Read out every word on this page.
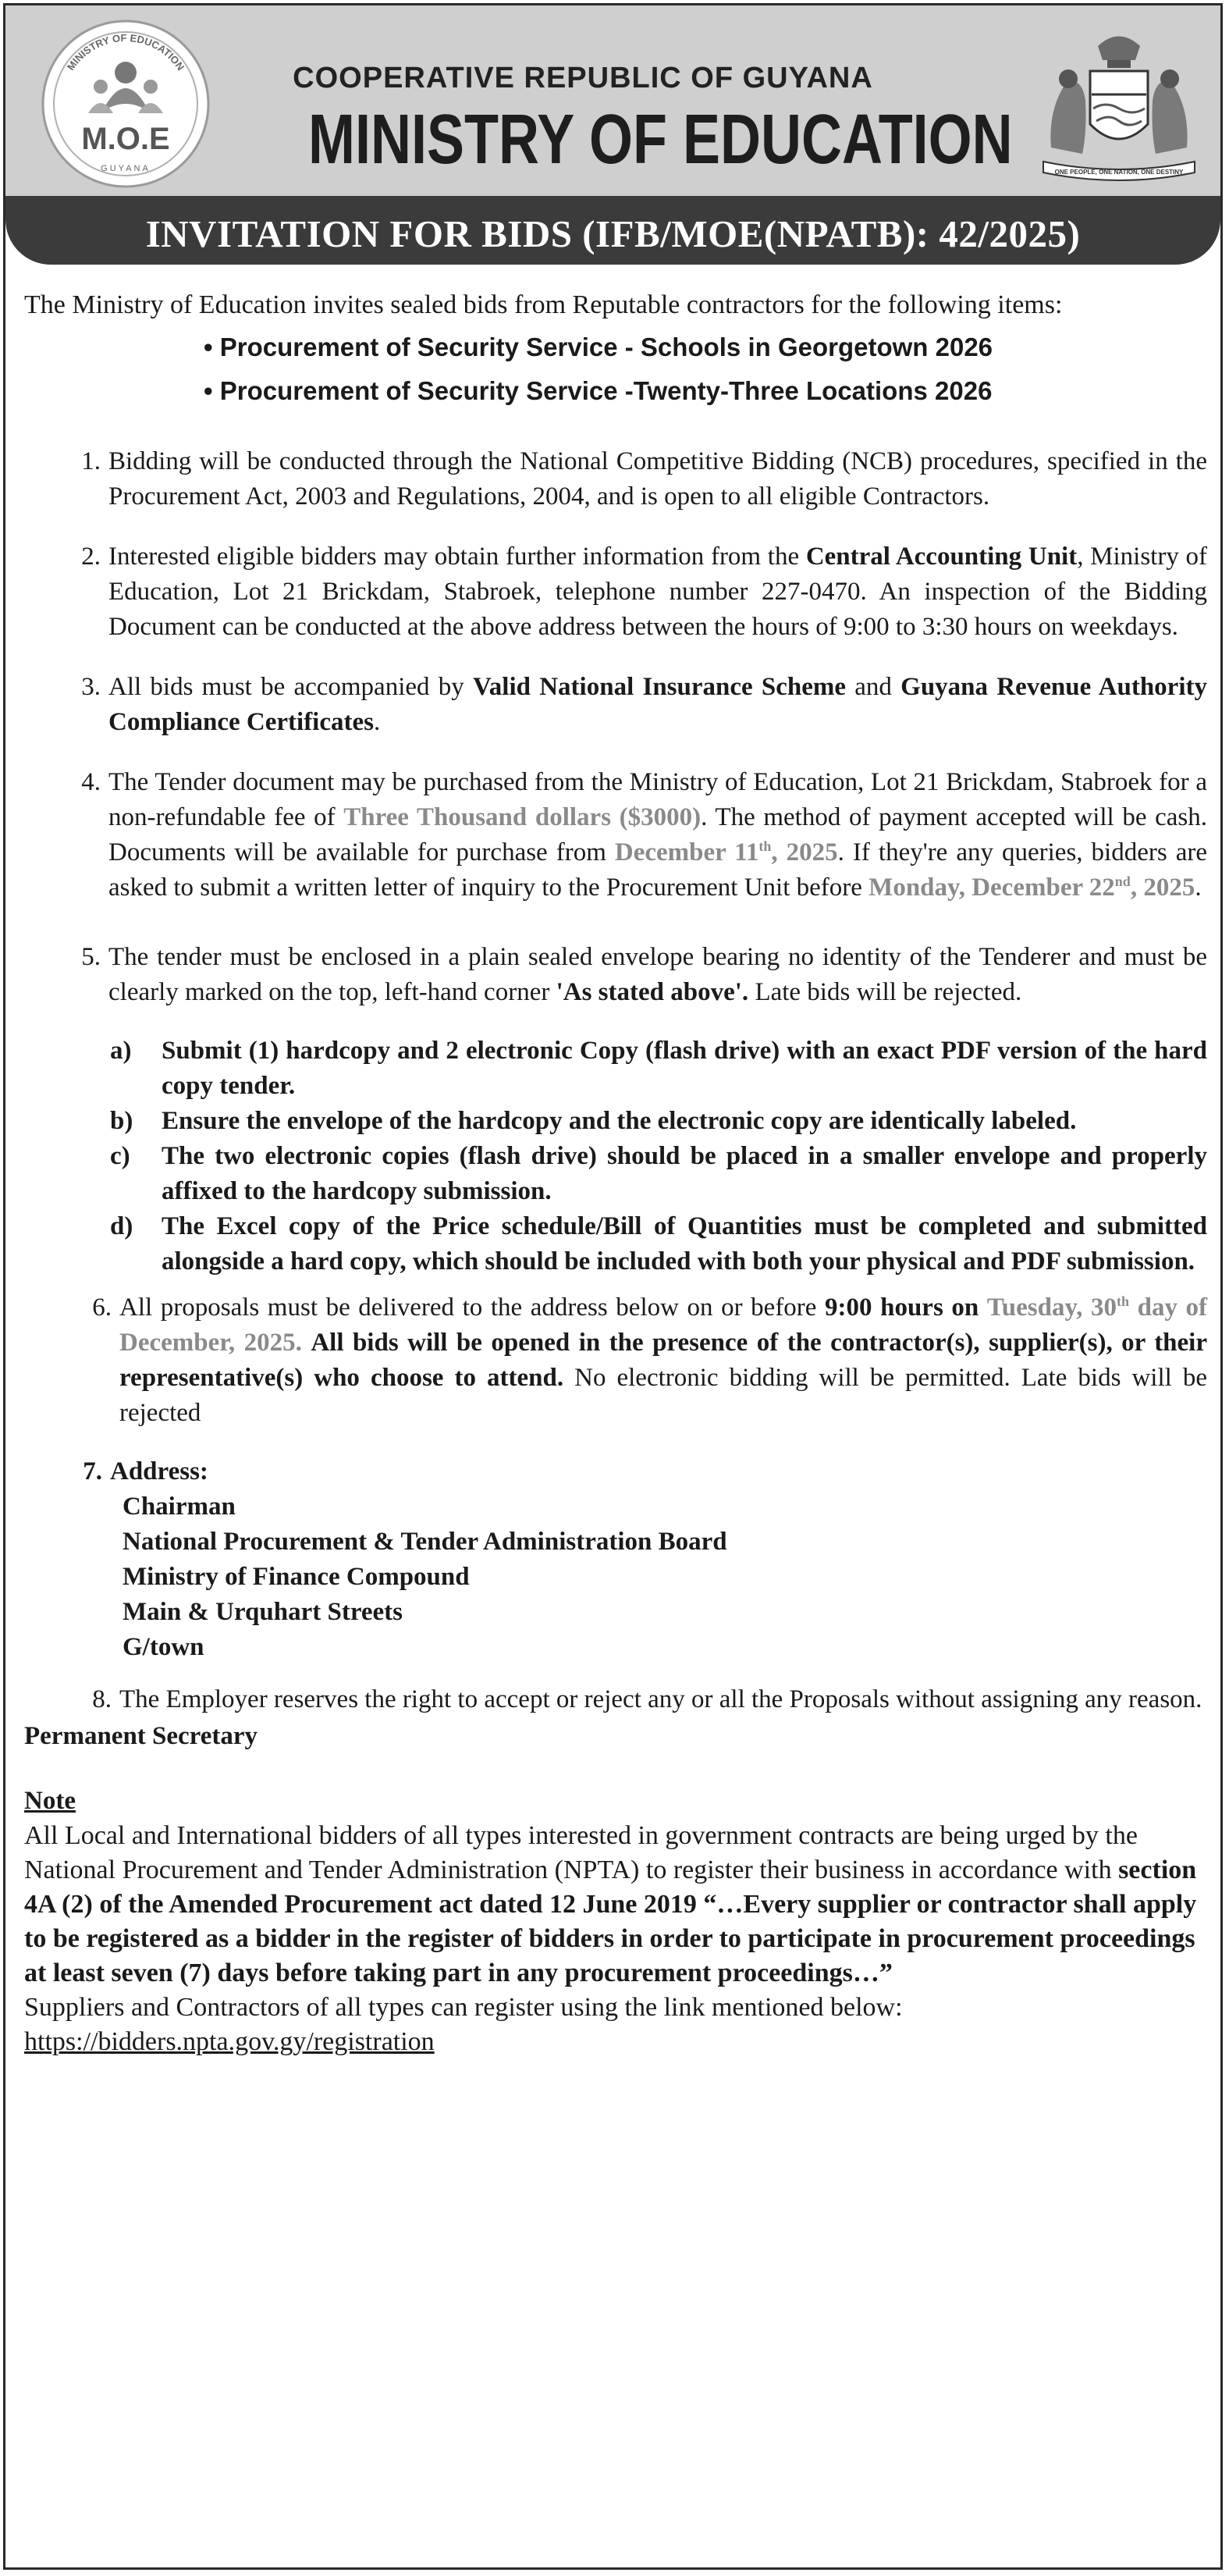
MINISTRY OF EDUCATION
M.O.E
GUYANA
COOPERATIVE REPUBLIC OF GUYANA
MINISTRY OF EDUCATION	ONE PEOPLE, ONE NATION, ONE DESTINY
INVITATION FOR BIDS (IFB/MOE(NPATB): 42/2025)

The Ministry of Education invites sealed bids from Reputable contractors for the following items:

• Procurement of Security Service - Schools in Georgetown 2026
• Procurement of Security Service -Twenty-Three Locations 2026
1. Bidding will be conducted through the National Competitive Bidding (NCB) procedures, specified in the Procurement Act, 2003 and Regulations, 2004, and is open to all eligible Contractors.
2. Interested eligible bidders may obtain further information from the Central Accounting Unit, Ministry of Education, Lot 21 Brickdam, Stabroek, telephone number 227-0470. An inspection of the Bidding Document can be conducted at the above address between the hours of 9:00 to 3:30 hours on weekdays.
3. All bids must be accompanied by Valid National Insurance Scheme and Guyana Revenue Authority Compliance Certificates.
4. The Tender document may be purchased from the Ministry of Education, Lot 21 Brickdam, Stabroek for a non-refundable fee of Three Thousand dollars ($3000). The method of payment accepted will be cash. Documents will be available for purchase from December 11th, 2025. If they're any queries, bidders are asked to submit a written letter of inquiry to the Procurement Unit before Monday, December 22nd, 2025.
5. The tender must be enclosed in a plain sealed envelope bearing no identity of the Tenderer and must be clearly marked on the top, left-hand corner 'As stated above'. Late bids will be rejected.
a)	Submit (1) hardcopy and 2 electronic Copy (flash drive) with an exact PDF version of the hard copy tender.
b)	Ensure the envelope of the hardcopy and the electronic copy are identically labeled.
c)	The two electronic copies (flash drive) should be placed in a smaller envelope and properly affixed to the hardcopy submission.
d)	The Excel copy of the Price schedule/Bill of Quantities must be completed and submitted alongside a hard copy, which should be included with both your physical and PDF submission.
6. All proposals must be delivered to the address below on or before 9:00 hours on Tuesday, 30th day of December, 2025. All bids will be opened in the presence of the contractor(s), supplier(s), or their representative(s) who choose to attend. No electronic bidding will be permitted. Late bids will be rejected
7. Address:
Chairman
National Procurement & Tender Administration Board
Ministry of Finance Compound
Main & Urquhart Streets
G/town
8. The Employer reserves the right to accept or reject any or all the Proposals without assigning any reason.
Permanent Secretary
Note

All Local and International bidders of all types interested in government contracts are being urged by the National Procurement and Tender Administration (NPTA) to register their business in accordance with section 4A (2) of the Amended Procurement act dated 12 June 2019 “…Every supplier or contractor shall apply to be registered as a bidder in the register of bidders in order to participate in procurement proceedings at least seven (7) days before taking part in any procurement proceedings…”

Suppliers and Contractors of all types can register using the link mentioned below:

https://bidders.npta.gov.gy/registration
